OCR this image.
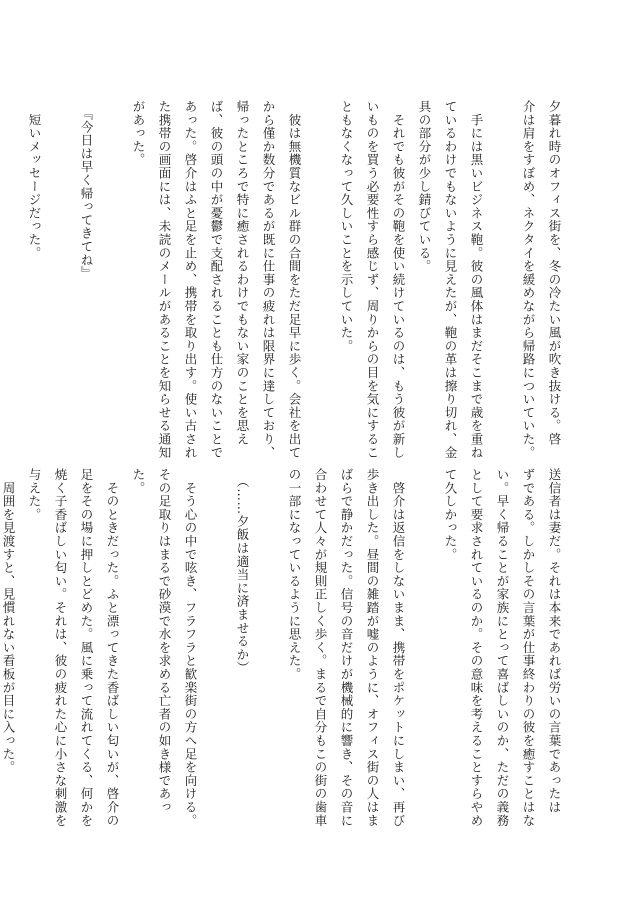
夕暮れ時のオフィス街を、冬の冷たい風が吹き抜ける。啓
介は肩をすぼめ、ネクタイを緩めながら帰路についていた。

　手には黒いビジネス鞄。彼の風体はまだそこまで歳を重ね
ているわけでもないように見えたが、鞄の革は擦り切れ、金
具の部分が少し錆びている。
　それでも彼がその鞄を使い続けているのは、もう彼が新し
いものを買う必要性すら感じず、周りからの目を気にするこ
ともなくなって久しいことを示していた。

　彼は無機質なビル群の合間をただ足早に歩く。会社を出て
から僅か数分であるが既に仕事の疲れは限界に達しており、
帰ったところで特に癒されるわけでもない家のことを思え
ば、彼の頭の中が憂鬱で支配されることも仕方のないことで
あった。啓介はふと足を止め、携帯を取り出す。使い古され
た携帯の画面には、未読のメールがあることを知らせる通知
があった。

　『今日は早く帰ってきてね』

　短いメッセージだった。

送信者は妻だ。それは本来であれば労いの言葉であったは
ずである。しかしその言葉が仕事終わりの彼を癒すことはな
い。早く帰ることが家族にとって喜ばしいのか、ただの義務
として要求されているのか。その意味を考えることすらやめ
て久しかった。

　啓介は返信をしないまま、携帯をポケットにしまい、再び
歩き出した。昼間の雑踏が嘘のように、オフィス街の人はま
ばらで静かだった。信号の音だけが機械的に響き、その音に
合わせて人々が規則正しく歩く。まるで自分もこの街の歯車
の一部になっているように思えた。

　（……夕飯は適当に済ませるか）

　そう心の中で呟き、フラフラと歓楽街の方へ足を向ける。
その足取りはまるで砂漠で水を求める亡者の如き様であっ
た。
　そのときだった。ふと漂ってきた香ばしい匂いが、啓介の
足をその場に押しとどめた。風に乗って流れてくる、何かを
焼く子香ばしい匂い。それは、彼の疲れた心に小さな刺激を
与えた。
　周囲を見渡すと、見慣れない看板が目に入った。
